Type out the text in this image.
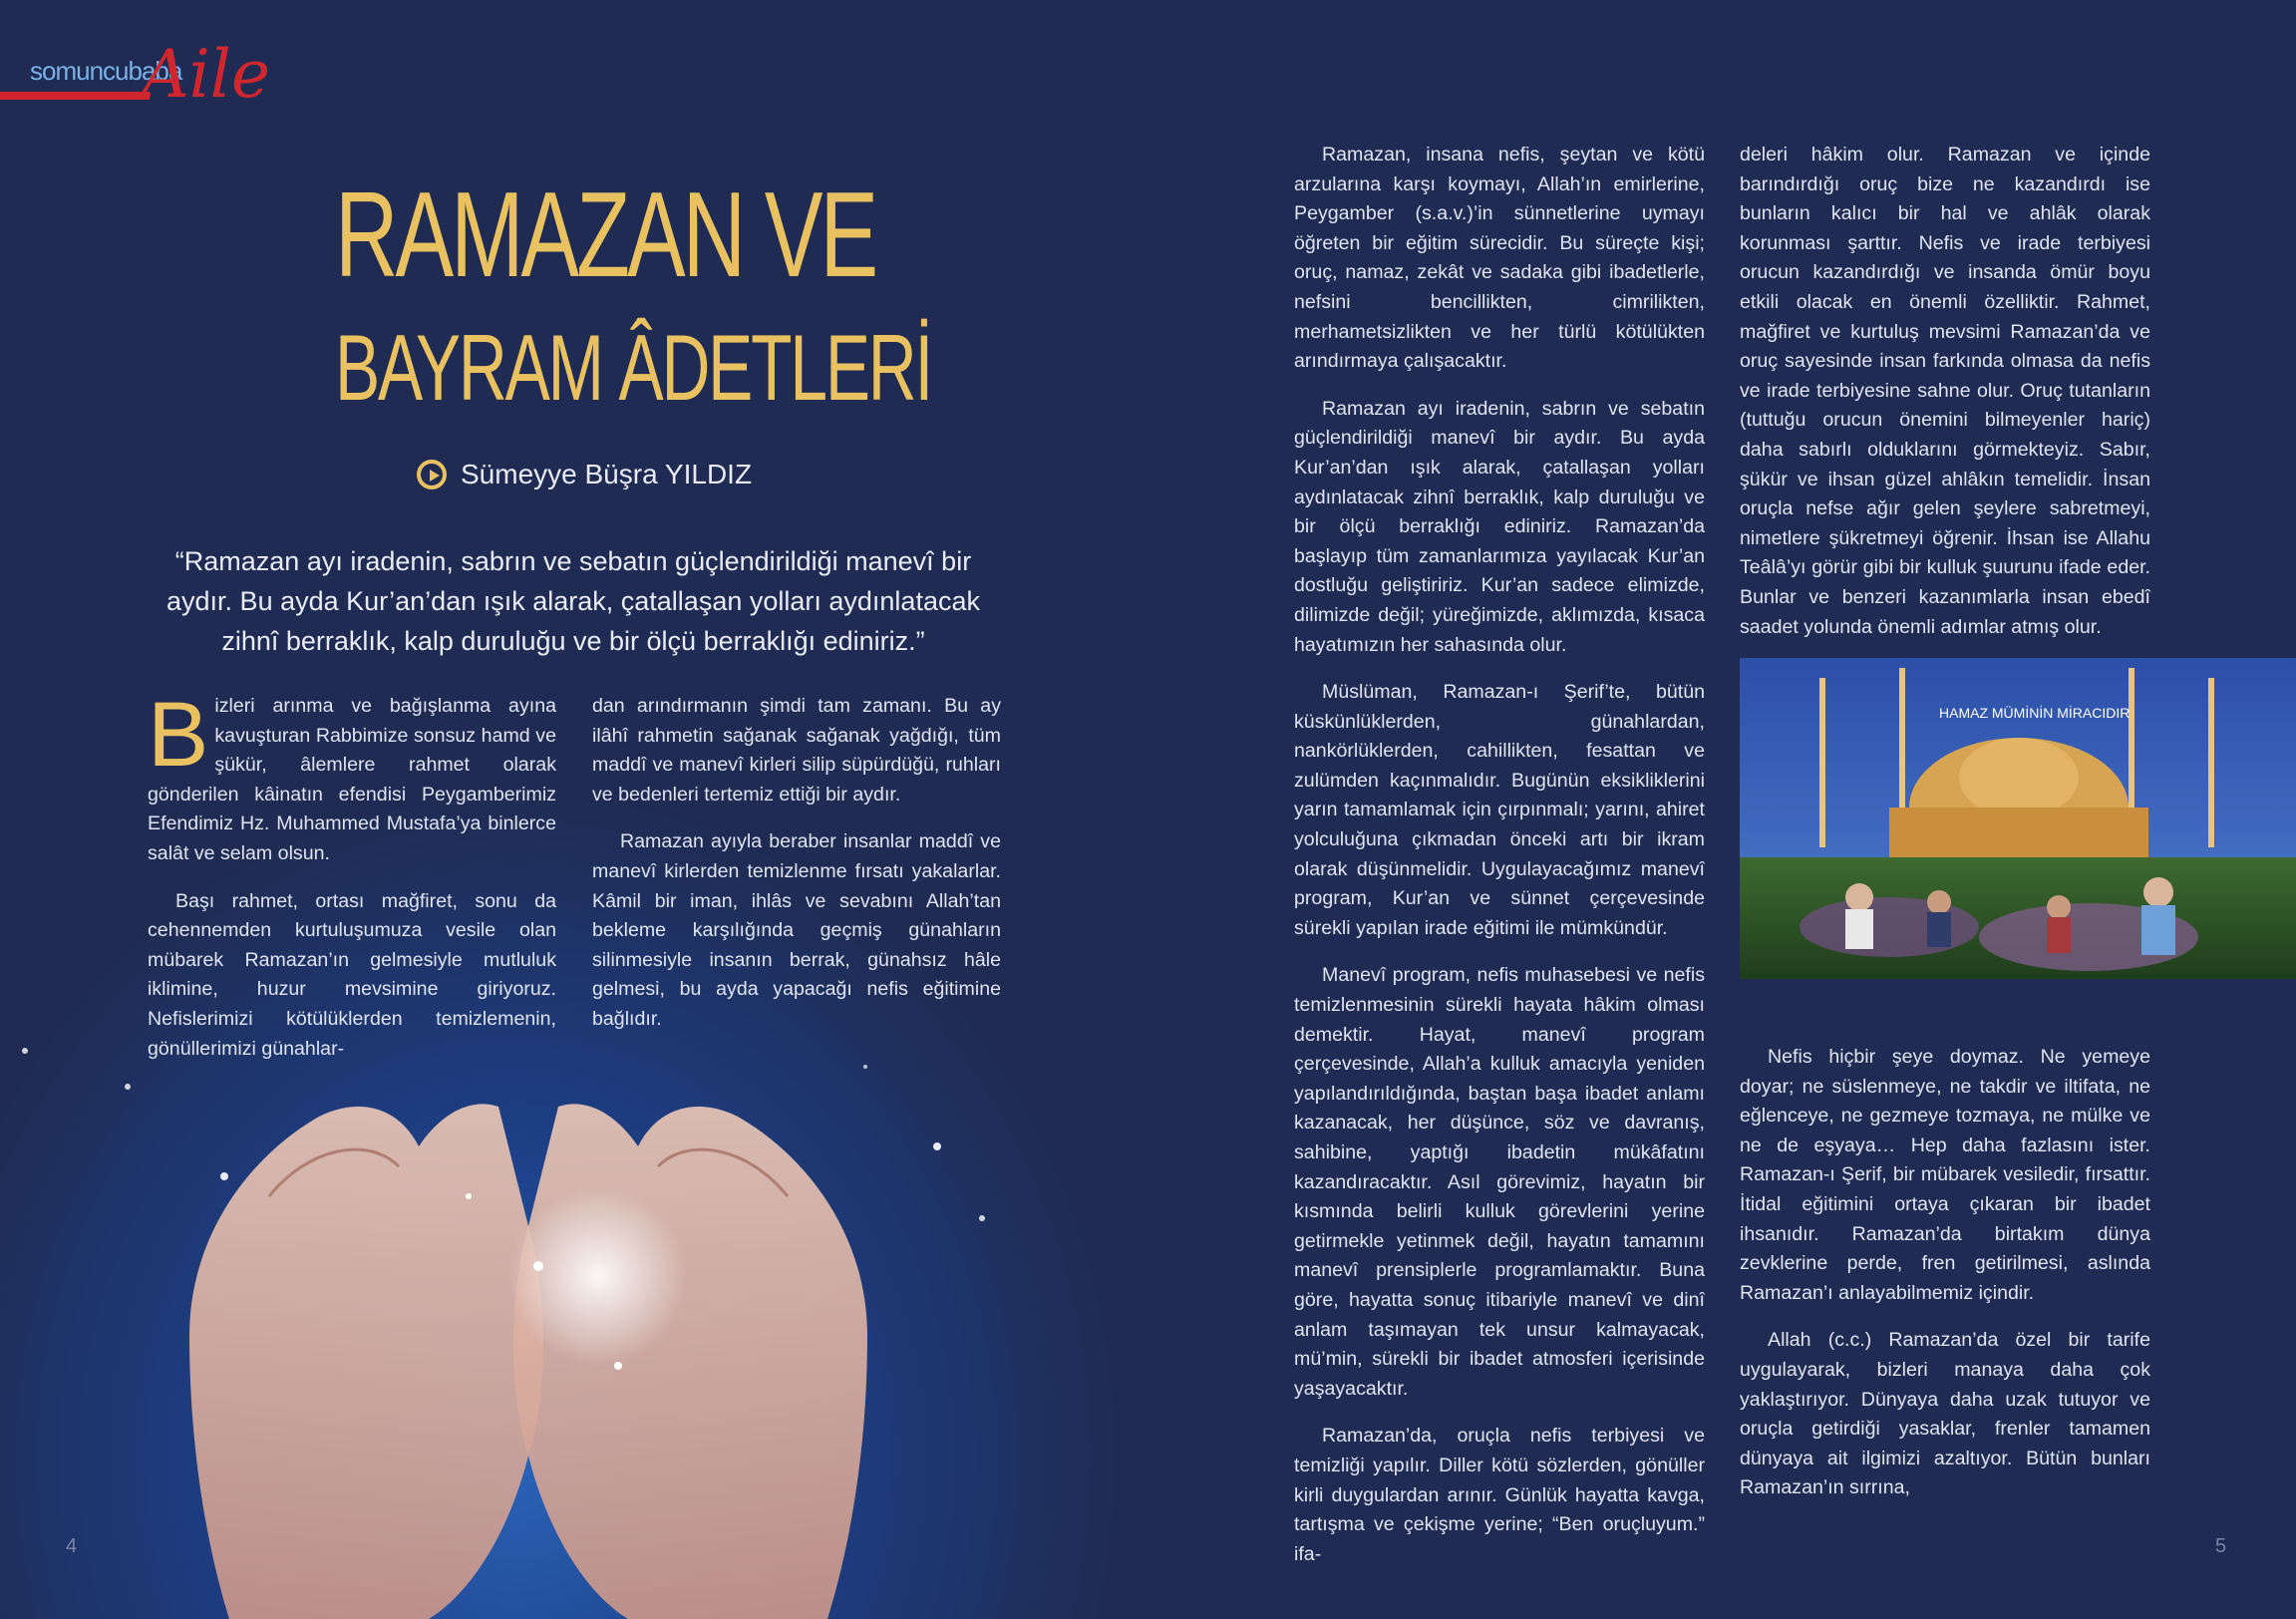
somuncubaba
Aile
RAMAZAN VE
BAYRAM ÂDETLERİ
Sümeyye Büşra YILDIZ
“Ramazan ayı iradenin, sabrın ve sebatın güçlendirildiği manevî bir aydır. Bu ayda Kur’an’dan ışık alarak, çatallaşan yolları aydınlatacak zihnî berraklık, kalp duruluğu ve bir ölçü berraklığı ediniriz.”

Bizleri arınma ve bağışlanma ayına kavuşturan Rabbimize sonsuz hamd ve şükür, âlemlere rahmet olarak gönderilen kâinatın efendisi Peygamberimiz Efendimiz Hz. Muhammed Mustafa’ya binlerce salât ve selam olsun.

Başı rahmet, ortası mağfiret, sonu da cehennemden kurtuluşumuza vesile olan mübarek Ramazan’ın gelmesiyle mutluluk iklimine, huzur mevsimine giriyoruz. Nefislerimizi kötülüklerden temizlemenin, gönüllerimizi günahlar-

dan arındırmanın şimdi tam zamanı. Bu ay ilâhî rahmetin sağanak sağanak yağdığı, tüm maddî ve manevî kirleri silip süpürdüğü, ruhları ve bedenleri tertemiz ettiği bir aydır.

Ramazan ayıyla beraber insanlar maddî ve manevî kirlerden temizlenme fırsatı yakalarlar. Kâmil bir iman, ihlâs ve sevabını Allah’tan bekleme karşılığında geçmiş günahların silinmesiyle insanın berrak, günahsız hâle gelmesi, bu ayda yapacağı nefis eğitimine bağlıdır.

Ramazan, insana nefis, şeytan ve kötü arzularına karşı koymayı, Allah’ın emirlerine, Peygamber (s.a.v.)’in sünnetlerine uymayı öğreten bir eğitim sürecidir. Bu süreçte kişi; oruç, namaz, zekât ve sadaka gibi ibadetlerle, nefsini bencillikten, cimrilikten, merhametsizlikten ve her türlü kötülükten arındırmaya çalışacaktır.

Ramazan ayı iradenin, sabrın ve sebatın güçlendirildiği manevî bir aydır. Bu ayda Kur’an’dan ışık alarak, çatallaşan yolları aydınlatacak zihnî berraklık, kalp duruluğu ve bir ölçü berraklığı ediniriz. Ramazan’da başlayıp tüm zamanlarımıza yayılacak Kur’an dostluğu geliştiririz. Kur’an sadece elimizde, dilimizde değil; yüreğimizde, aklımızda, kısaca hayatımızın her sahasında olur.

Müslüman, Ramazan-ı Şerif’te, bütün küskünlüklerden, günahlardan, nankörlüklerden, cahillikten, fesattan ve zulümden kaçınmalıdır. Bugünün eksikliklerini yarın tamamlamak için çırpınmalı; yarını, ahiret yolculuğuna çıkmadan önceki artı bir ikram olarak düşünmelidir. Uygulayacağımız manevî program, Kur’an ve sünnet çerçevesinde sürekli yapılan irade eğitimi ile mümkündür.

Manevî program, nefis muhasebesi ve nefis temizlenmesinin sürekli hayata hâkim olması demektir. Hayat, manevî program çerçevesinde, Allah’a kulluk amacıyla yeniden yapılandırıldığında, baştan başa ibadet anlamı kazanacak, her düşünce, söz ve davranış, sahibine, yaptığı ibadetin mükâfatını kazandıracaktır. Asıl görevimiz, hayatın bir kısmında belirli kulluk görevlerini yerine getirmekle yetinmek değil, hayatın tamamını manevî prensiplerle programlamaktır. Buna göre, hayatta sonuç itibariyle manevî ve dinî anlam taşımayan tek unsur kalmayacak, mü’min, sürekli bir ibadet atmosferi içerisinde yaşayacaktır.

Ramazan’da, oruçla nefis terbiyesi ve temizliği yapılır. Diller kötü sözlerden, gönüller kirli duygulardan arınır. Günlük hayatta kavga, tartışma ve çekişme yerine; “Ben oruçluyum.” ifa-

deleri hâkim olur. Ramazan ve içinde barındırdığı oruç bize ne kazandırdı ise bunların kalıcı bir hal ve ahlâk olarak korunması şarttır. Nefis ve irade terbiyesi orucun kazandırdığı ve insanda ömür boyu etkili olacak en önemli özelliktir. Rahmet, mağfiret ve kurtuluş mevsimi Ramazan’da ve oruç sayesinde insan farkında olmasa da nefis ve irade terbiyesine sahne olur. Oruç tutanların (tuttuğu orucun önemini bilmeyenler hariç) daha sabırlı olduklarını görmekteyiz. Sabır, şükür ve ihsan güzel ahlâkın temelidir. İnsan oruçla nefse ağır gelen şeylere sabretmeyi, nimetlere şükretmeyi öğrenir. İhsan ise Allahu Teâlâ’yı görür gibi bir kulluk şuurunu ifade eder. Bunlar ve benzeri kazanımlarla insan ebedî saadet yolunda önemli adımlar atmış olur.

Nefis hiçbir şeye doymaz. Ne yemeye doyar; ne süslenmeye, ne takdir ve iltifata, ne eğlenceye, ne gezmeye tozmaya, ne mülke ve ne de eşyaya… Hep daha fazlasını ister. Ramazan-ı Şerif, bir mübarek vesiledir, fırsattır. İtidal eğitimini ortaya çıkaran bir ibadet ihsanıdır. Ramazan’da birtakım dünya zevklerine perde, fren getirilmesi, aslında Ramazan’ı anlayabilmemiz içindir.

Allah (c.c.) Ramazan’da özel bir tarife uygulayarak, bizleri manaya daha çok yaklaştırıyor. Dünyaya daha uzak tutuyor ve oruçla getirdiği yasaklar, frenler tamamen dünyaya ait ilgimizi azaltıyor. Bütün bunları Ramazan’ın sırrına,

HAMAZ MÜMİNİN MİRACIDIR
4	5
